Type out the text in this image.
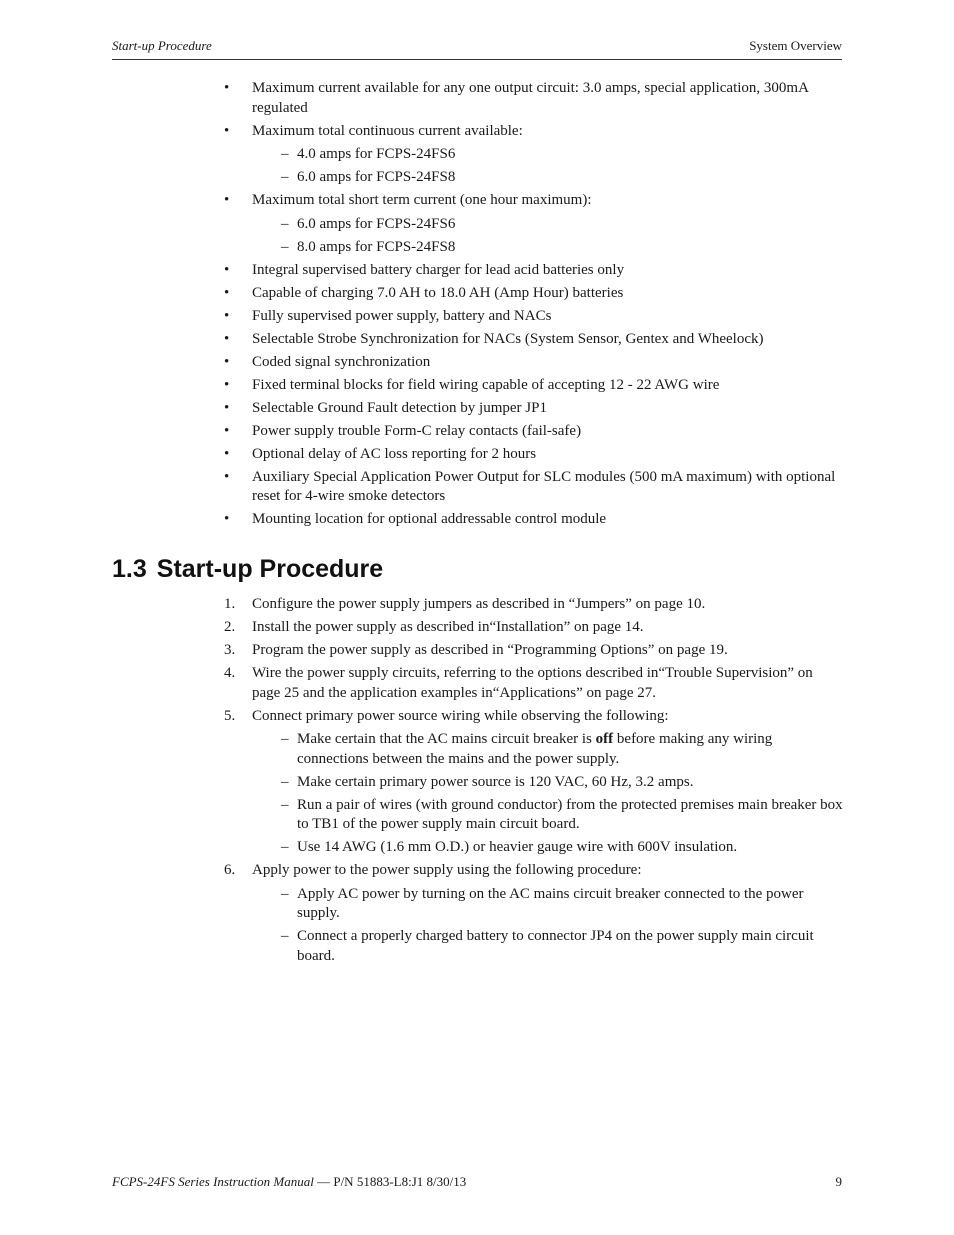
Start-up Procedure	System Overview
• Maximum current available for any one output circuit: 3.0 amps, special application, 300mA regulated
• Maximum total continuous current available:
– 4.0 amps for FCPS-24FS6
– 6.0 amps for FCPS-24FS8
• Maximum total short term current (one hour maximum):
– 6.0 amps for FCPS-24FS6
– 8.0 amps for FCPS-24FS8
• Integral supervised battery charger for lead acid batteries only
• Capable of charging 7.0 AH to 18.0 AH (Amp Hour) batteries
• Fully supervised power supply, battery and NACs
• Selectable Strobe Synchronization for NACs (System Sensor, Gentex and Wheelock)
• Coded signal synchronization
• Fixed terminal blocks for field wiring capable of accepting 12 - 22 AWG wire
• Selectable Ground Fault detection by jumper JP1
• Power supply trouble Form-C relay contacts (fail-safe)
• Optional delay of AC loss reporting for 2 hours
• Auxiliary Special Application Power Output for SLC modules (500 mA maximum) with optional reset for 4-wire smoke detectors
• Mounting location for optional addressable control module
1.3 Start-up Procedure
1. Configure the power supply jumpers as described in “Jumpers” on page 10.
2. Install the power supply as described in“Installation” on page 14.
3. Program the power supply as described in “Programming Options” on page 19.
4. Wire the power supply circuits, referring to the options described in“Trouble Supervision” on page 25 and the application examples in“Applications” on page 27.
5. Connect primary power source wiring while observing the following:
– Make certain that the AC mains circuit breaker is off before making any wiring connections between the mains and the power supply.
– Make certain primary power source is 120 VAC, 60 Hz, 3.2 amps.
– Run a pair of wires (with ground conductor) from the protected premises main breaker box to TB1 of the power supply main circuit board.
– Use 14 AWG (1.6 mm O.D.) or heavier gauge wire with 600V insulation.
6. Apply power to the power supply using the following procedure:
– Apply AC power by turning on the AC mains circuit breaker connected to the power supply.
– Connect a properly charged battery to connector JP4 on the power supply main circuit board.
FCPS-24FS Series Instruction Manual — P/N 51883-L8:J1 8/30/13	9
